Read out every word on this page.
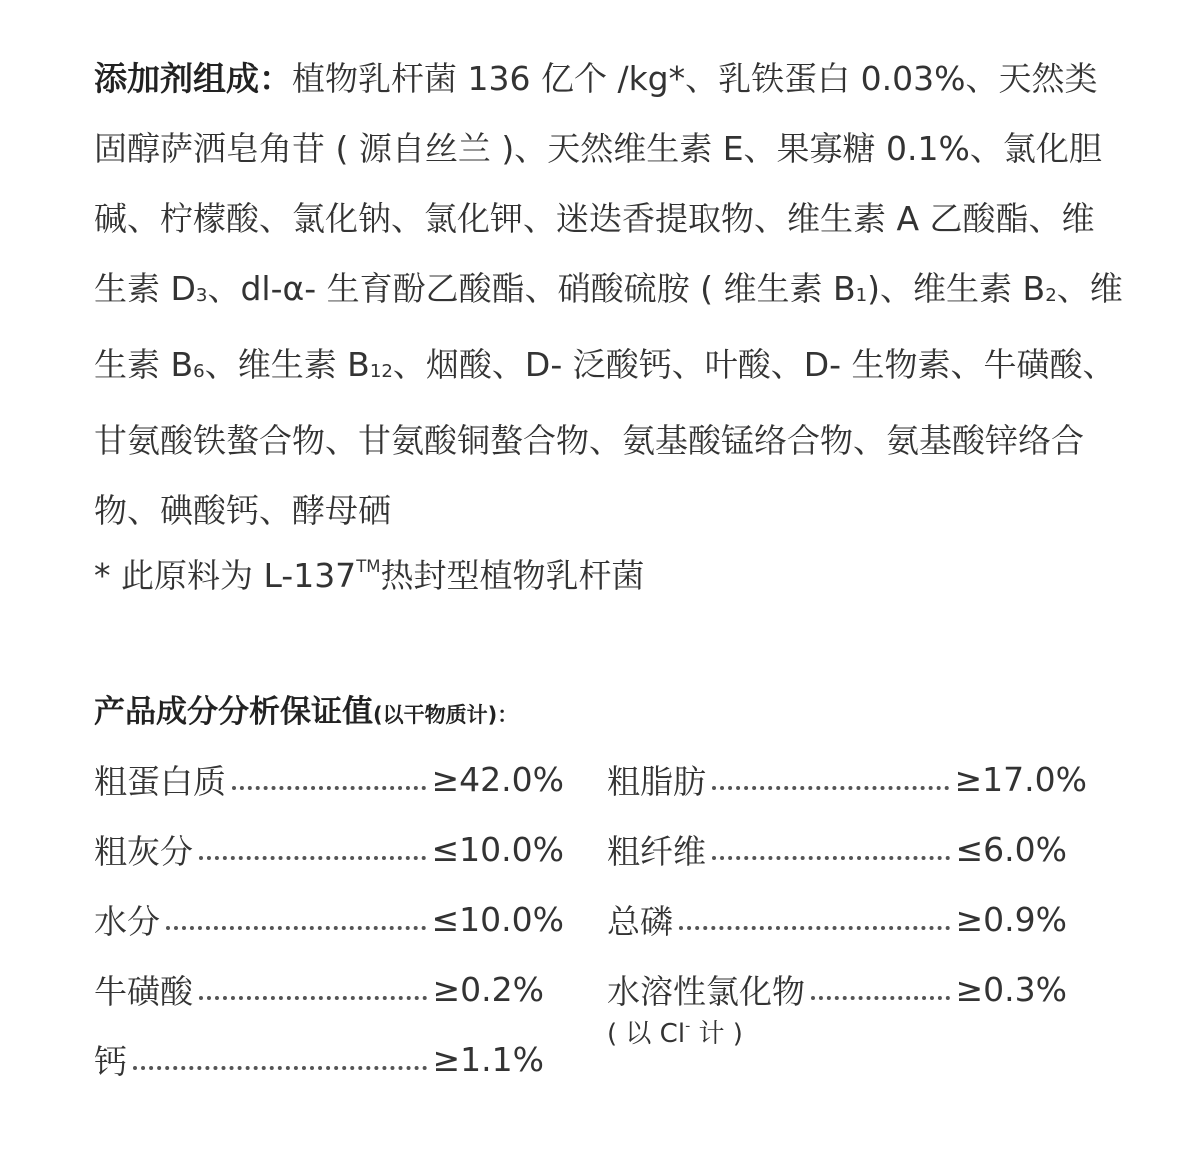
添加剂组成：植物乳杆菌 136 亿个 /kg*、乳铁蛋白 0.03%、天然类固醇萨洒皂角苷 ( 源自丝兰 )、天然维生素 E、果寡糖 0.1%、氯化胆碱、柠檬酸、氯化钠、氯化钾、迷迭香提取物、维生素 A 乙酸酯、维生素 $D_3$、dl-α- 生育酚乙酸酯、硝酸硫胺 ( 维生素 $B_1$)、维生素 $B_2$、维生素 $B_6$、维生素 $B_{12}$、烟酸、D- 泛酸钙、叶酸、D- 生物素、牛磺酸、甘氨酸铁螯合物、甘氨酸铜螯合物、氨基酸锰络合物、氨基酸锌络合物、碘酸钙、酵母硒

* 此原料为 L-137™热封型植物乳杆菌
产品成分分析保证值(以干物质计)：
粗蛋白质	≥42.0%
粗灰分	≤10.0%
水分	≤10.0%
牛磺酸	≥0.2%
钙	≥1.1%
粗脂肪	≥17.0%
粗纤维	≤6.0%
总磷	≥0.9%
水溶性氯化物	≥0.3%
( 以 Cl- 计 )
